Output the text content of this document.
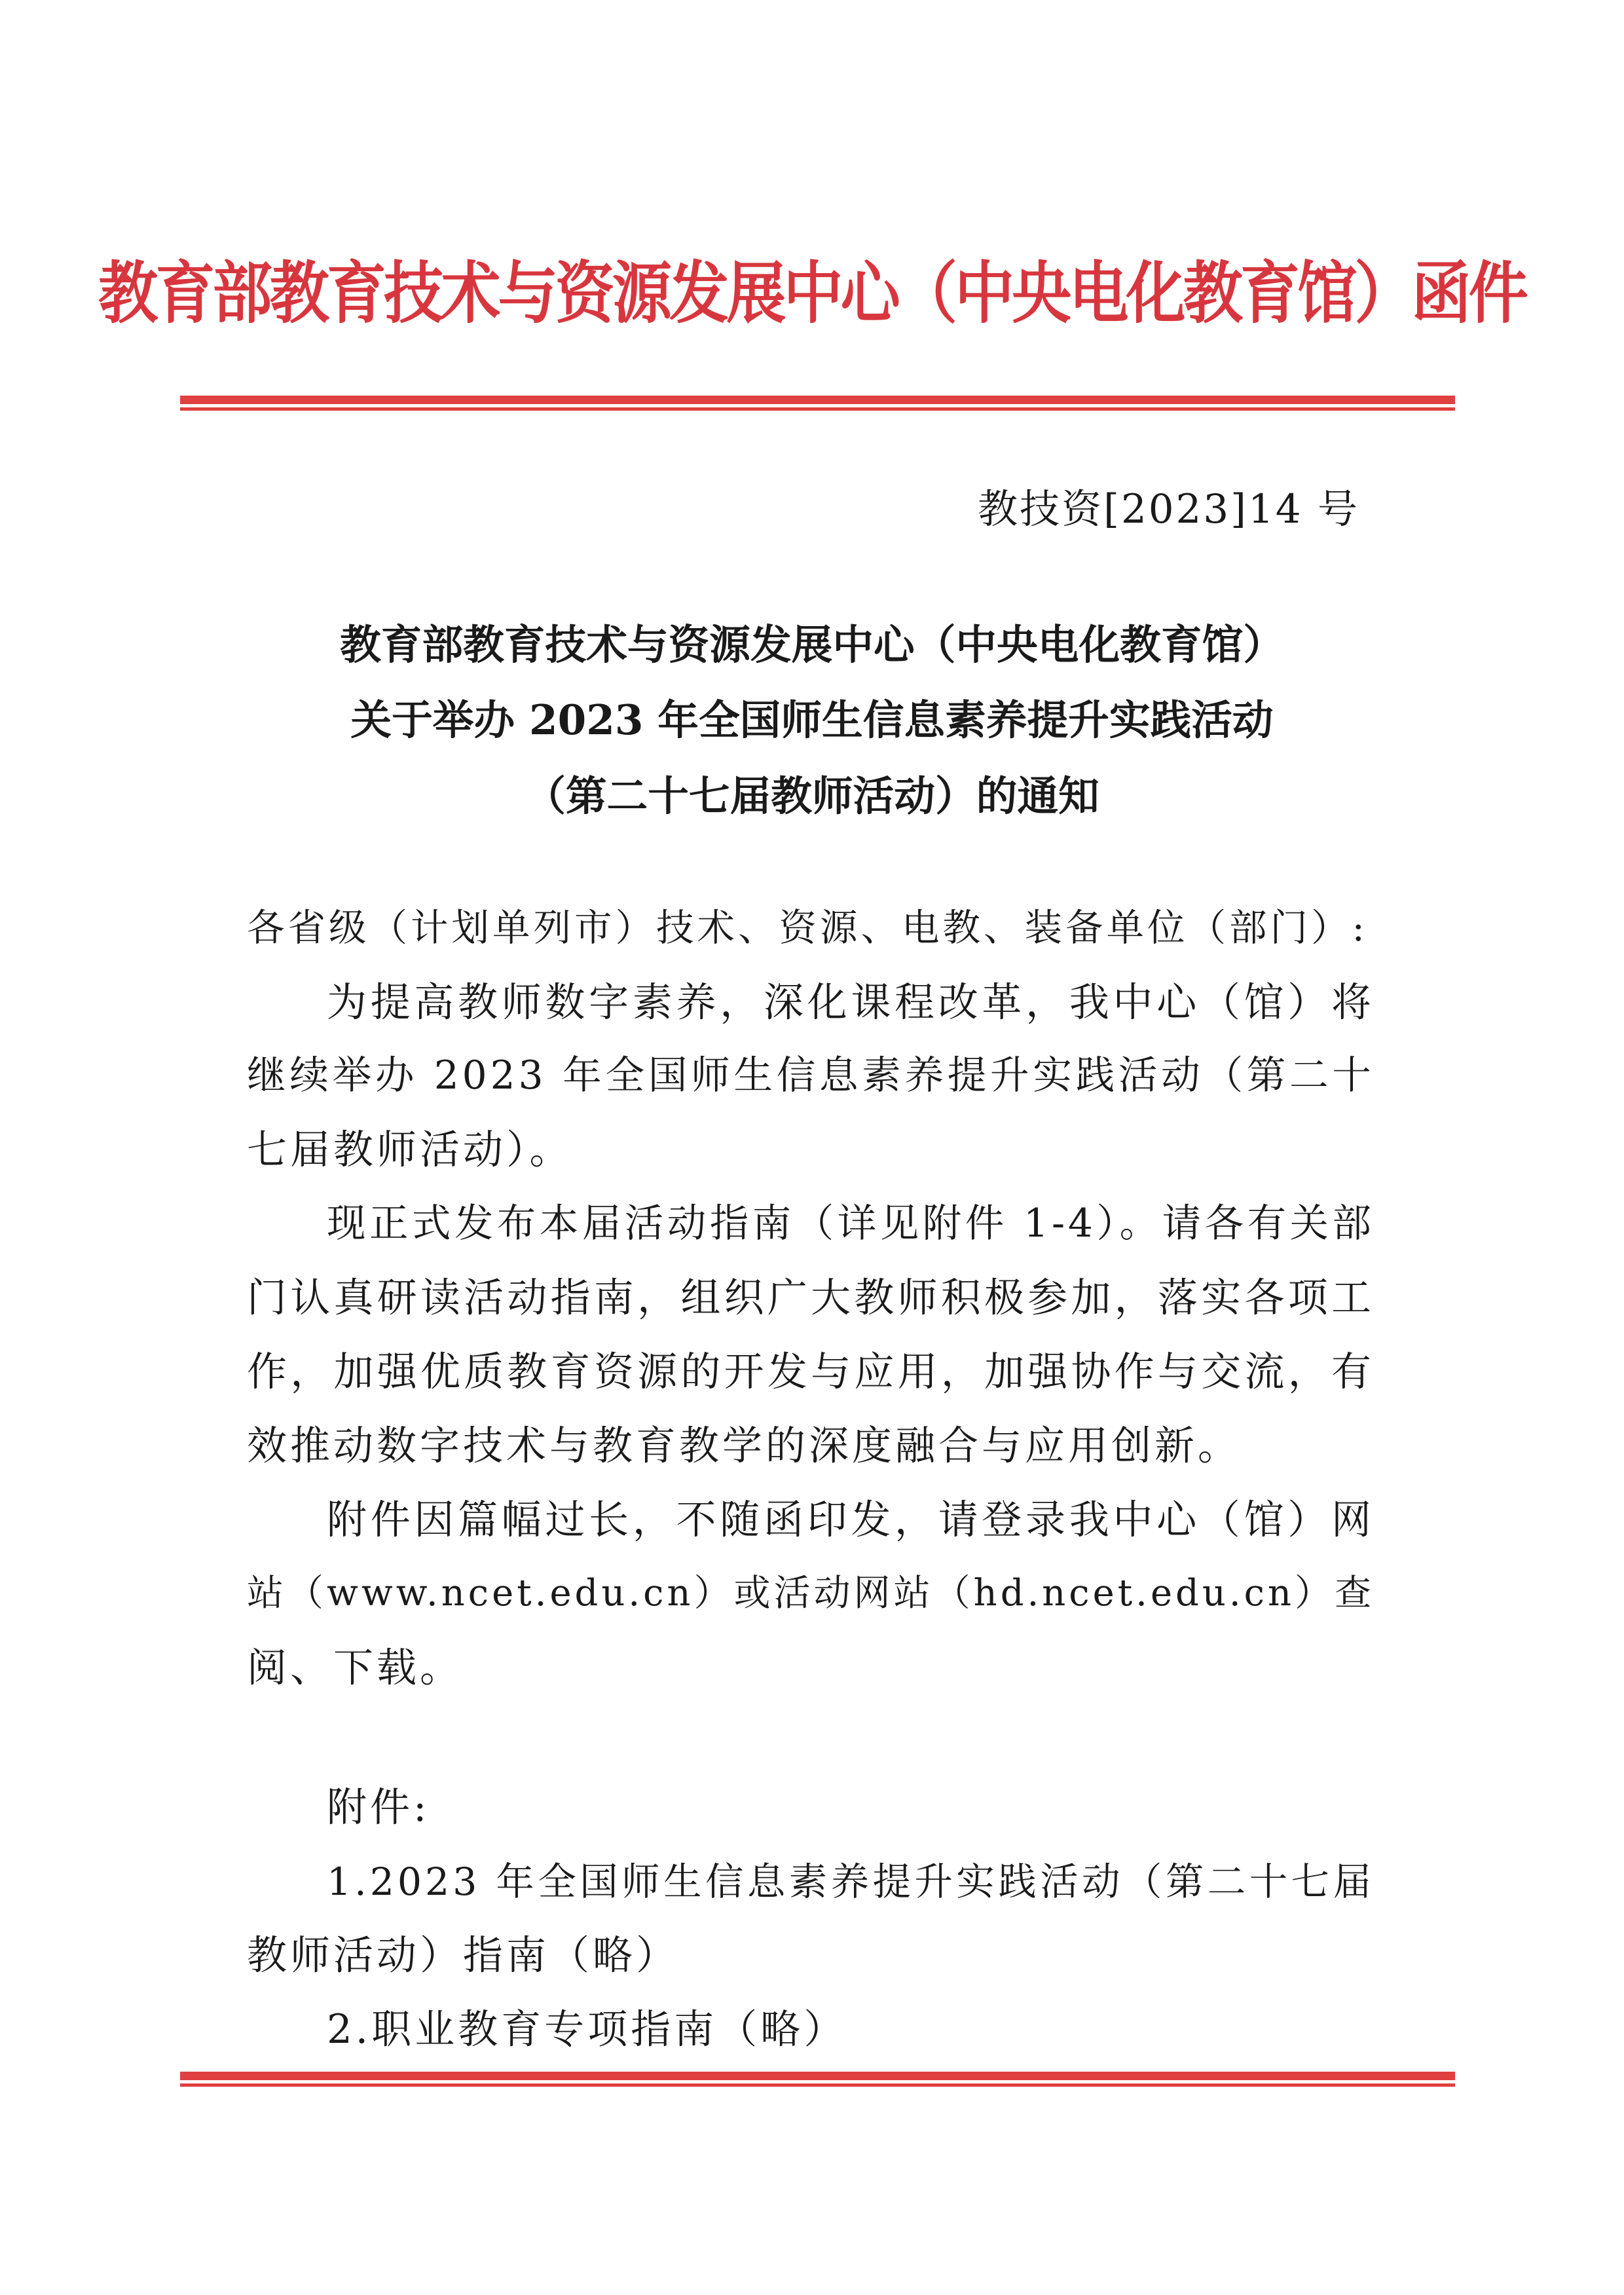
教育部教育技术与资源发展中心（中央电化教育馆）函件
教技资[2023]14 号
教育部教育技术与资源发展中心（中央电化教育馆）
关于举办 2023 年全国师生信息素养提升实践活动
（第二十七届教师活动）的通知
各省级（计划单列市）技术、资源、电教、装备单位（部门）:
为提高教师数字素养，深化课程改革，我中心（馆）将
继续举办 2023 年全国师生信息素养提升实践活动（第二十
七届教师活动）。
现正式发布本届活动指南（详见附件 1-4）。请各有关部
门认真研读活动指南，组织广大教师积极参加，落实各项工
作，加强优质教育资源的开发与应用，加强协作与交流，有
效推动数字技术与教育教学的深度融合与应用创新。
附件因篇幅过长，不随函印发，请登录我中心（馆）网
站（www.ncet.edu.cn）或活动网站（hd.ncet.edu.cn）查
阅、下载。
附件:
1.2023 年全国师生信息素养提升实践活动（第二十七届
教师活动）指南（略）
2.职业教育专项指南（略）
